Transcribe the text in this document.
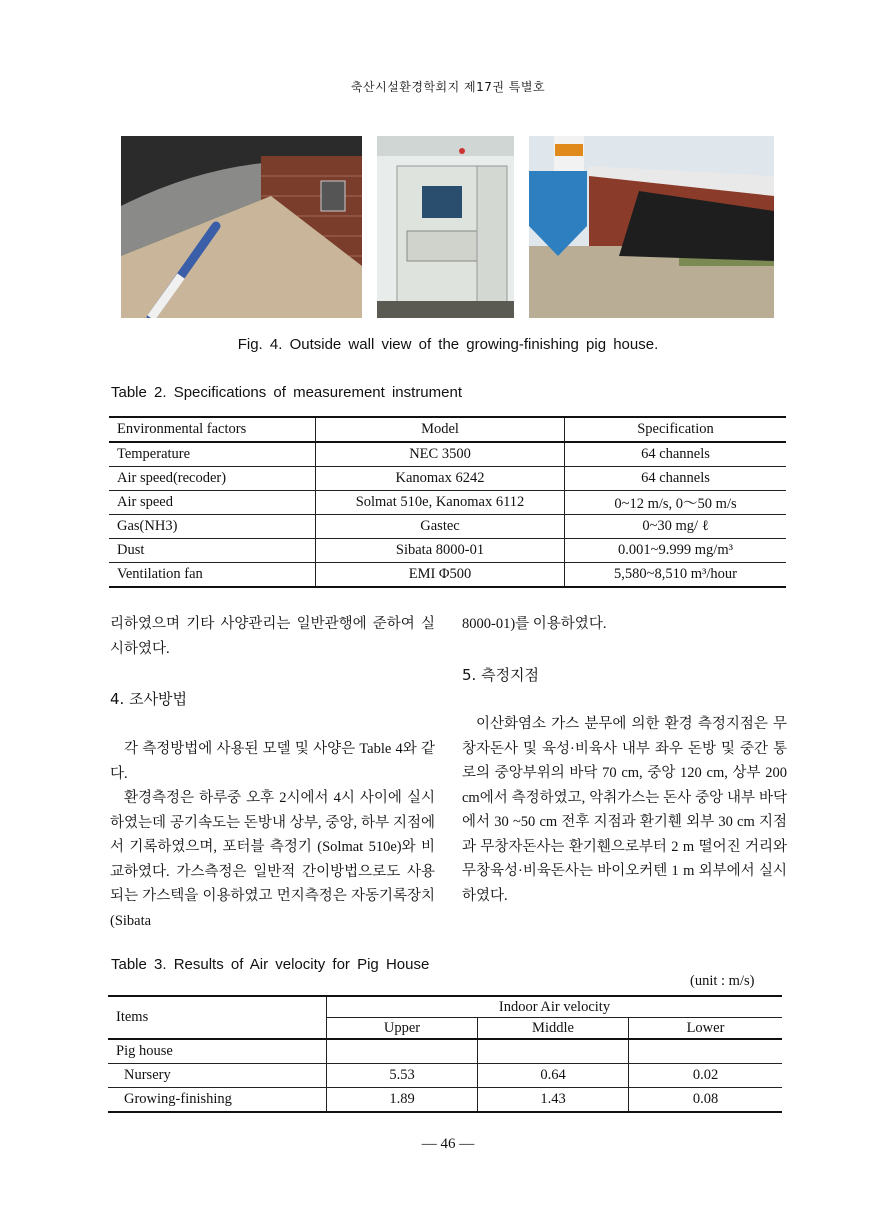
축산시설환경학회지 제17권 특별호
Fig. 4. Outside wall view of the growing-finishing pig house.
Table 2. Specifications of measurement instrument
Environmental factors	Model	Specification
Temperature	NEC 3500	64 channels
Air speed(recoder)	Kanomax 6242	64 channels
Air speed	Solmat 510e, Kanomax 6112	0~12 m/s, 0～50 m/s
Gas(NH3)	Gastec	0~30 mg/ ℓ
Dust	Sibata 8000-01	0.001~9.999 mg/m³
Ventilation fan	EMI Φ500	5,580~8,510 m³/hour

리하였으며 기타 사양관리는 일반관행에 준하여 실시하였다.

4. 조사방법

각 측정방법에 사용된 모델 및 사양은 Table 4와 같다.

환경측정은 하루중 오후 2시에서 4시 사이에 실시하였는데 공기속도는 돈방내 상부, 중앙, 하부 지점에서 기록하였으며, 포터블 측정기 (Solmat 510e)와 비교하였다. 가스측정은 일반적 간이방법으로도 사용되는 가스텍을 이용하였고 먼지측정은 자동기록장치(Sibata

8000-01)를 이용하였다.

5. 측정지점

이산화염소 가스 분무에 의한 환경 측정지점은 무창자돈사 및 육성·비육사 내부 좌우 돈방 및 중간 통로의 중앙부위의 바닥 70 cm, 중앙 120 cm, 상부 200 cm에서 측정하였고, 악취가스는 돈사 중앙 내부 바닥에서 30 ~50 cm 전후 지점과 환기휀 외부 30 cm 지점과 무창자돈사는 환기휀으로부터 2 m 떨어진 거리와 무창육성·비육돈사는 바이오커텐 1 m 외부에서 실시하였다.

Table 3. Results of Air velocity for Pig House
(unit : m/s)
Items	Indoor Air velocity		
	Upper	Middle	Lower
Pig house			
Nursery	5.53	0.64	0.02
Growing-finishing	1.89	1.43	0.08
— 46 —
